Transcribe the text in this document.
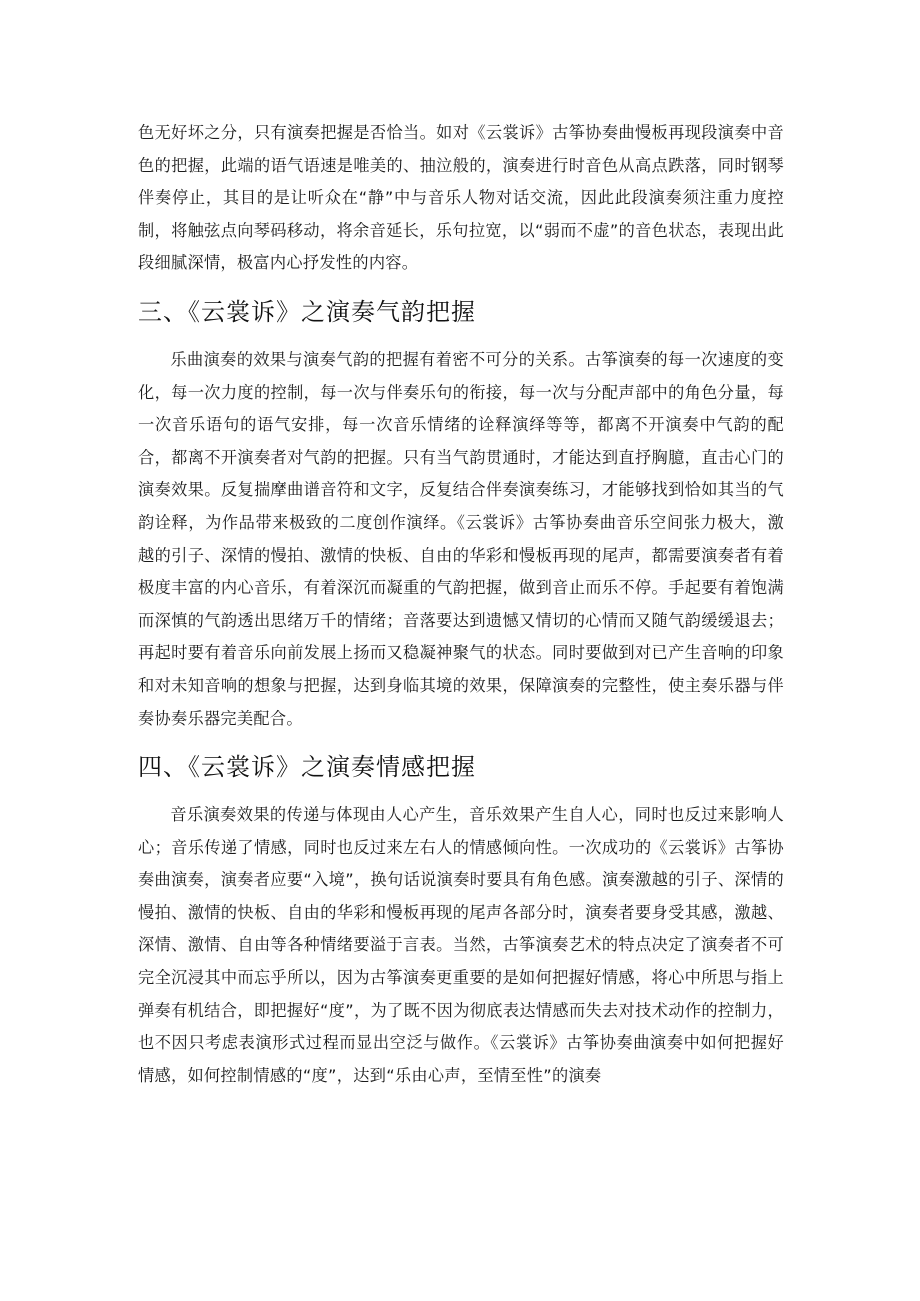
色无好坏之分，只有演奏把握是否恰当。如对《云裳诉》古筝协奏曲慢板再现段演奏中音色的把握，此端的语气语速是唯美的、抽泣般的，演奏进行时音色从高点跌落，同时钢琴伴奏停止，其目的是让听众在“静”中与音乐人物对话交流，因此此段演奏须注重力度控制，将触弦点向琴码移动，将余音延长，乐句拉宽，以“弱而不虚”的音色状态，表现出此段细腻深情，极富内心抒发性的内容。

三、《云裳诉》之演奏气韵把握

乐曲演奏的效果与演奏气韵的把握有着密不可分的关系。古筝演奏的每一次速度的变化，每一次力度的控制，每一次与伴奏乐句的衔接，每一次与分配声部中的角色分量，每一次音乐语句的语气安排，每一次音乐情绪的诠释演绎等等，都离不开演奏中气韵的配合，都离不开演奏者对气韵的把握。只有当气韵贯通时，才能达到直抒胸臆，直击心门的演奏效果。反复揣摩曲谱音符和文字，反复结合伴奏演奏练习，才能够找到恰如其当的气韵诠释，为作品带来极致的二度创作演绎。《云裳诉》古筝协奏曲音乐空间张力极大，激越的引子、深情的慢拍、激情的快板、自由的华彩和慢板再现的尾声，都需要演奏者有着极度丰富的内心音乐，有着深沉而凝重的气韵把握，做到音止而乐不停。手起要有着饱满而深慎的气韵透出思绪万千的情绪；音落要达到遗憾又情切的心情而又随气韵缓缓退去；再起时要有着音乐向前发展上扬而又稳凝神聚气的状态。同时要做到对已产生音响的印象和对未知音响的想象与把握，达到身临其境的效果，保障演奏的完整性，使主奏乐器与伴奏协奏乐器完美配合。

四、《云裳诉》之演奏情感把握

音乐演奏效果的传递与体现由人心产生，音乐效果产生自人心，同时也反过来影响人心；音乐传递了情感，同时也反过来左右人的情感倾向性。一次成功的《云裳诉》古筝协奏曲演奏，演奏者应要“入境”，换句话说演奏时要具有角色感。演奏激越的引子、深情的慢拍、激情的快板、自由的华彩和慢板再现的尾声各部分时，演奏者要身受其感，激越、深情、激情、自由等各种情绪要溢于言表。当然，古筝演奏艺术的特点决定了演奏者不可完全沉浸其中而忘乎所以，因为古筝演奏更重要的是如何把握好情感，将心中所思与指上弹奏有机结合，即把握好“度”，为了既不因为彻底表达情感而失去对技术动作的控制力，也不因只考虑表演形式过程而显出空泛与做作。《云裳诉》古筝协奏曲演奏中如何把握好情感，如何控制情感的“度”，达到“乐由心声，至情至性”的演奏
